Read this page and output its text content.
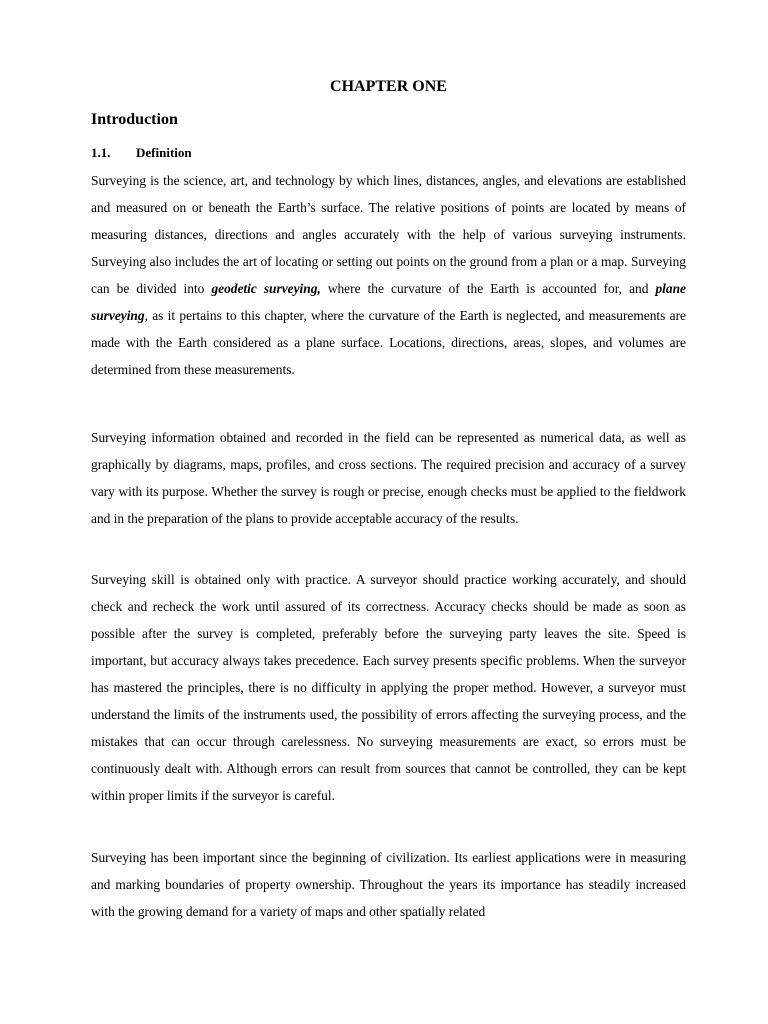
CHAPTER ONE
Introduction
1.1. Definition

Surveying is the science, art, and technology by which lines, distances, angles, and elevations are established and measured on or beneath the Earth’s surface. The relative positions of points are located by means of measuring distances, directions and angles accurately with the help of various surveying instruments. Surveying also includes the art of locating or setting out points on the ground from a plan or a map. Surveying can be divided into geodetic surveying, where the curvature of the Earth is accounted for, and plane surveying, as it pertains to this chapter, where the curvature of the Earth is neglected, and measurements are made with the Earth considered as a plane surface. Locations, directions, areas, slopes, and volumes are determined from these measurements.

Surveying information obtained and recorded in the field can be represented as numerical data, as well as graphically by diagrams, maps, profiles, and cross sections. The required precision and accuracy of a survey vary with its purpose. Whether the survey is rough or precise, enough checks must be applied to the fieldwork and in the preparation of the plans to provide acceptable accuracy of the results.

Surveying skill is obtained only with practice. A surveyor should practice working accurately, and should check and recheck the work until assured of its correctness. Accuracy checks should be made as soon as possible after the survey is completed, preferably before the surveying party leaves the site. Speed is important, but accuracy always takes precedence. Each survey presents specific problems. When the surveyor has mastered the principles, there is no difficulty in applying the proper method. However, a surveyor must understand the limits of the instruments used, the possibility of errors affecting the surveying process, and the mistakes that can occur through carelessness. No surveying measurements are exact, so errors must be continuously dealt with. Although errors can result from sources that cannot be controlled, they can be kept within proper limits if the surveyor is careful.

Surveying has been important since the beginning of civilization. Its earliest applications were in measuring and marking boundaries of property ownership. Throughout the years its importance has steadily increased with the growing demand for a variety of maps and other spatially related
